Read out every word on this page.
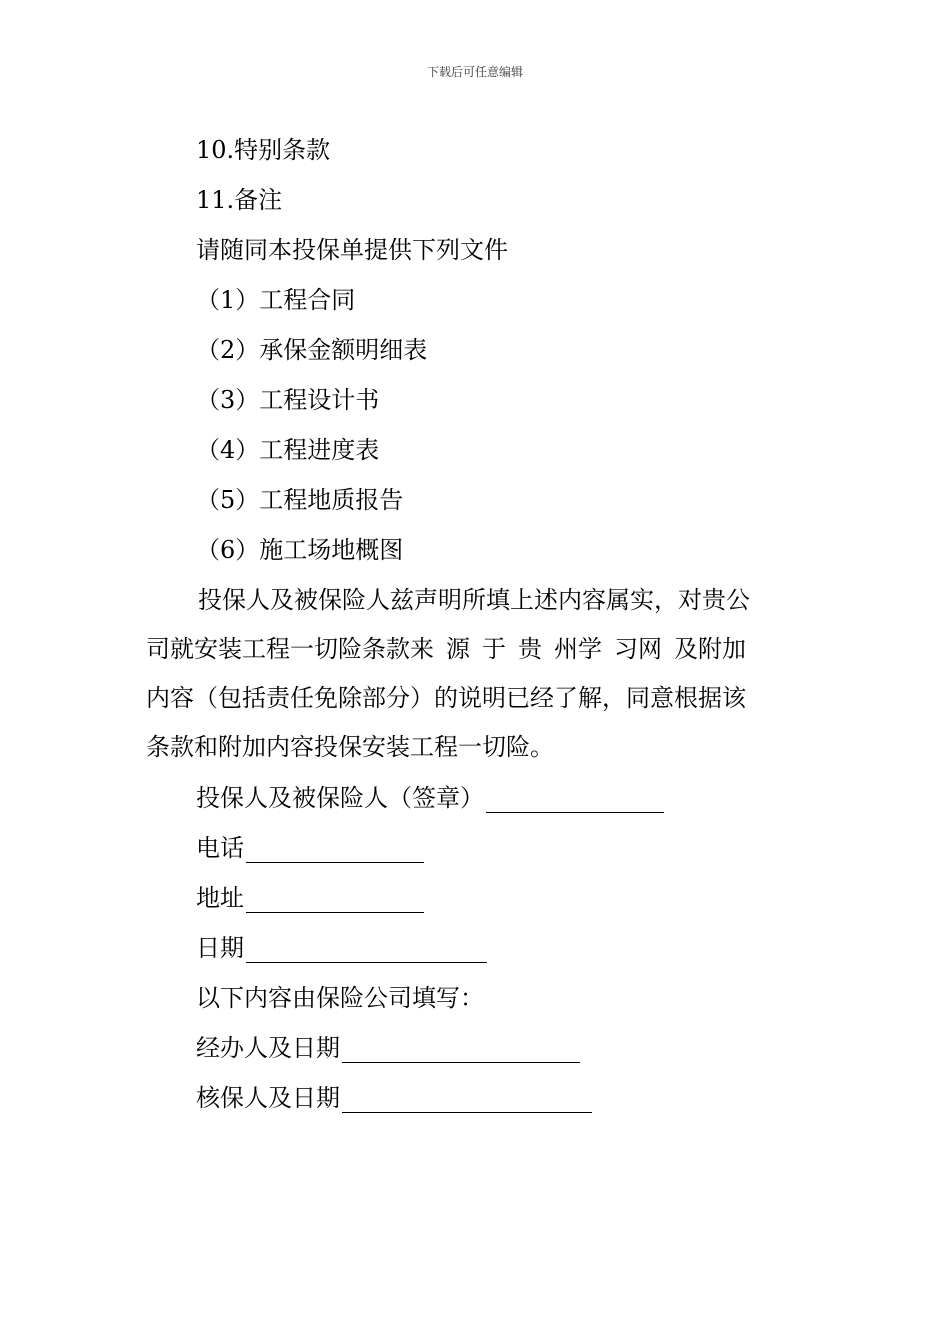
下载后可任意编辑
10.特别条款
11.备注
请随同本投保单提供下列文件
（1）工程合同
（2）承保金额明细表
（3）工程设计书
（4）工程进度表
（5）工程地质报告
（6）施工场地概图
投保人及被保险人兹声明所填上述内容属实，对贵公
司就安装工程一切险条款来 源 于 贵 州学 习网 及附加
内容（包括责任免除部分）的说明已经了解，同意根据该
条款和附加内容投保安装工程一切险。
投保人及被保险人（签章）
电话
地址
日期
以下内容由保险公司填写：
经办人及日期
核保人及日期
